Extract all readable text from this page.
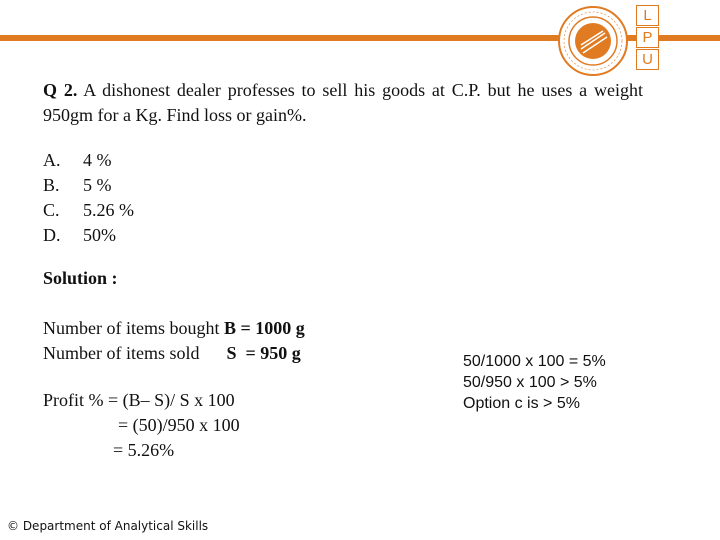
L
P
U
Q 2. A dishonest dealer professes to sell his goods at C.P. but he uses a weight 950gm for a Kg. Find loss or gain%.
A.	4 %
B.	5 %
C.	5.26 %
D.	50%
Solution :
Number of items bought B = 1000 g
Number of items sold      S  = 950 g
Profit % = (B– S)/ S x 100
= (50)/950 x 100
= 5.26%
50/1000 x 100 = 5%
50/950 x 100 > 5%
Option c is > 5%
© Department of Analytical Skills
